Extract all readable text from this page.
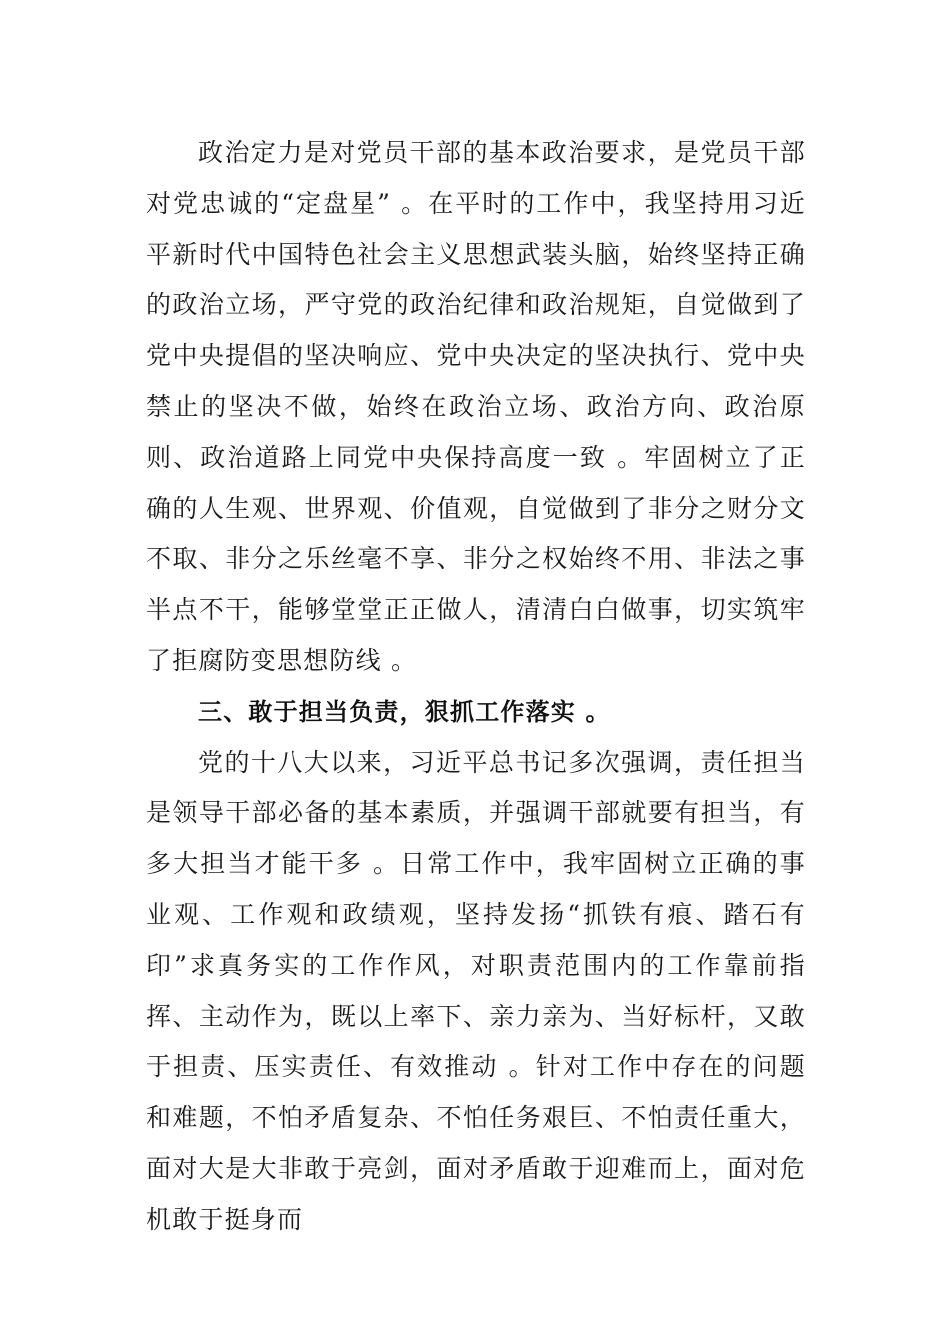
政治定力是对党员干部的基本政治要求，是党员干部对党忠诚的“定盘星” 。在平时的工作中，我坚持用习近平新时代中国特色社会主义思想武装头脑，始终坚持正确的政治立场，严守党的政治纪律和政治规矩，自觉做到了党中央提倡的坚决响应、党中央决定的坚决执行、党中央禁止的坚决不做，始终在政治立场、政治方向、政治原则、政治道路上同党中央保持高度一致 。牢固树立了正确的人生观、世界观、价值观，自觉做到了非分之财分文不取、非分之乐丝毫不享、非分之权始终不用、非法之事半点不干，能够堂堂正正做人，清清白白做事，切实筑牢了拒腐防变思想防线 。

三、敢于担当负责，狠抓工作落实 。

党的十八大以来，习近平总书记多次强调，责任担当是领导干部必备的基本素质，并强调干部就要有担当，有多大担当才能干多 。日常工作中，我牢固树立正确的事业观、工作观和政绩观，坚持发扬“抓铁有痕、踏石有印”求真务实的工作作风，对职责范围内的工作靠前指挥、主动作为，既以上率下、亲力亲为、当好标杆，又敢于担责、压实责任、有效推动 。针对工作中存在的问题和难题，不怕矛盾复杂、不怕任务艰巨、不怕责任重大，面对大是大非敢于亮剑，面对矛盾敢于迎难而上，面对危机敢于挺身而
